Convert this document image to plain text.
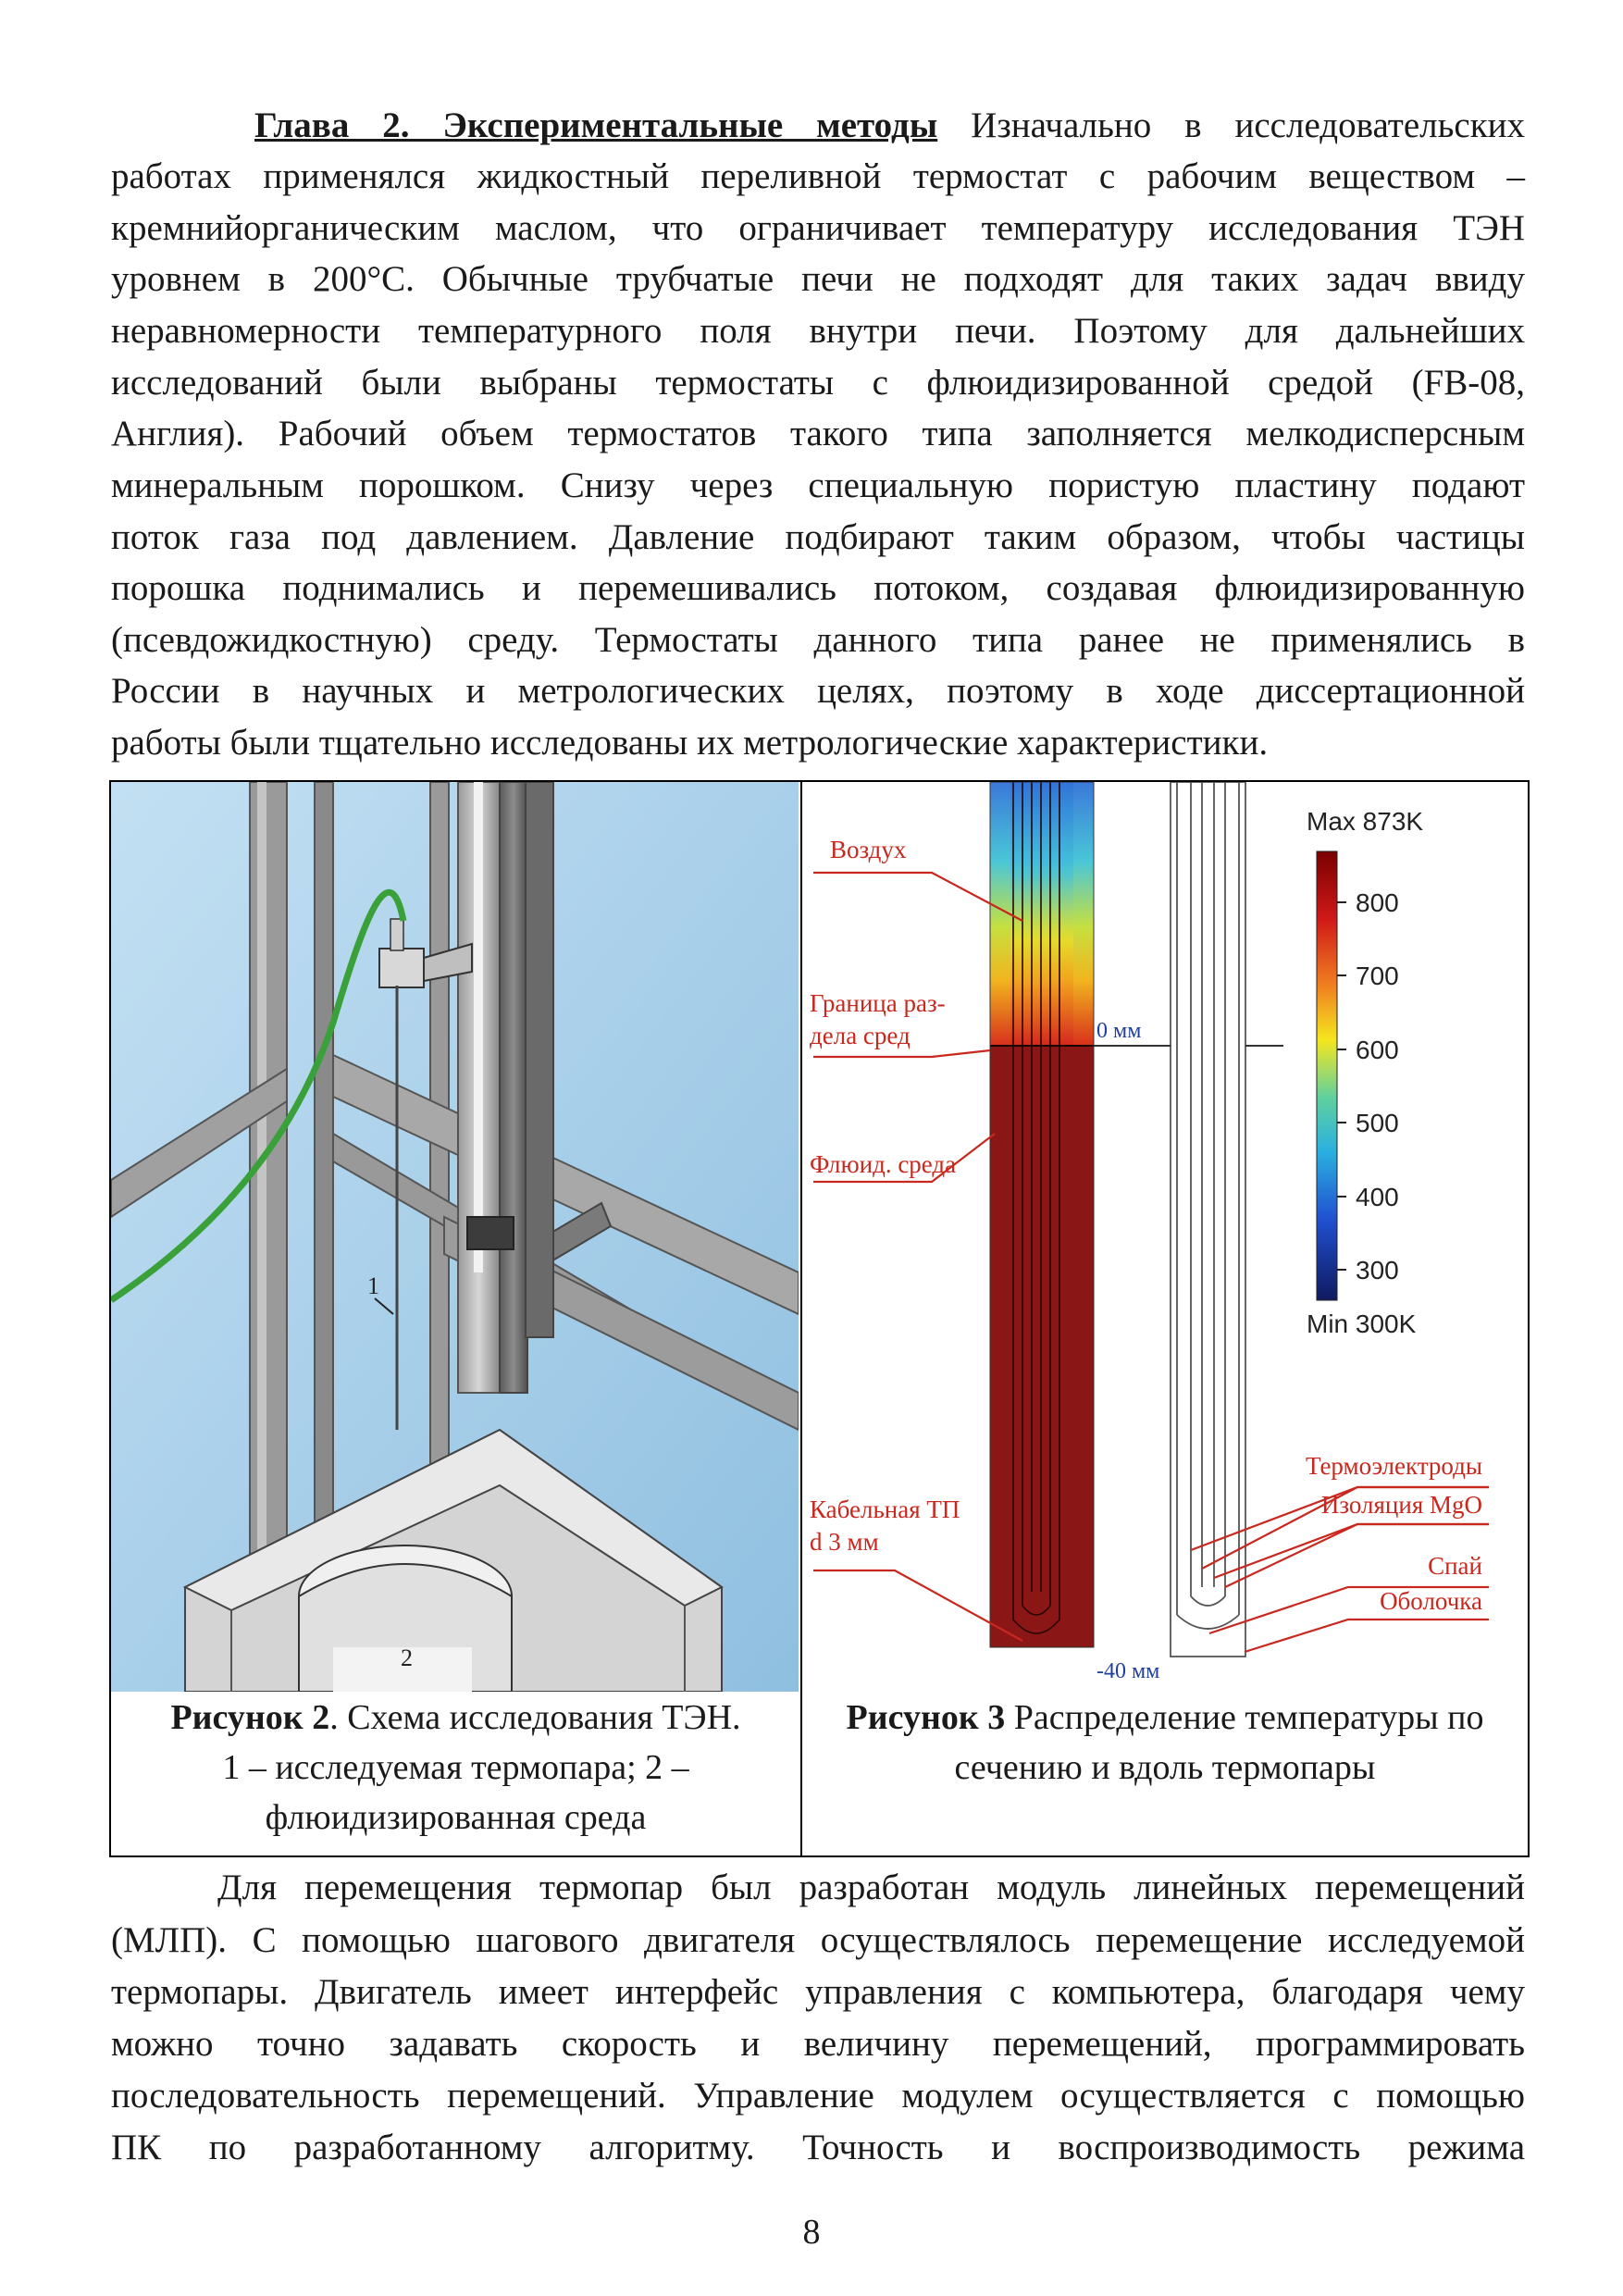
Глава 2. Экспериментальные методы Изначально в исследовательских

работах применялся жидкостный переливной термостат с рабочим веществом –

кремнийорганическим маслом, что ограничивает температуру исследования ТЭН

уровнем в 200°С. Обычные трубчатые печи не подходят для таких задач ввиду

неравномерности температурного поля внутри печи. Поэтому для дальнейших

исследований были выбраны термостаты с флюидизированной средой (FB-08,

Англия). Рабочий объем термостатов такого типа заполняется мелкодисперсным

минеральным порошком. Снизу через специальную пористую пластину подают

поток газа под давлением. Давление подбирают таким образом, чтобы частицы

порошка поднимались и перемешивались потоком, создавая флюидизированную

(псевдожидкостную) среду. Термостаты данного типа ранее не применялись в

России в научных и метрологических целях, поэтому в ходе диссертационной

работы были тщательно исследованы их метрологические характеристики.

1
2
Рисунок 2. Схема исследования ТЭН.
1 – исследуемая термопара; 2 –
флюидизированная среда
Воздух
Граница раз-
дела сред
Флюид. среда
Кабельная ТП
d 3 мм
Термоэлектроды
Изоляция MgO
Спай
Оболочка
0 мм
-40 мм
Max 873K
800
700
600
500
400
300
Min 300K
Рисунок 3 Распределение температуры по
сечению и вдоль термопары

Для перемещения термопар был разработан модуль линейных перемещений

(МЛП). С помощью шагового двигателя осуществлялось перемещение исследуемой

термопары. Двигатель имеет интерфейс управления с компьютера, благодаря чему

можно точно задавать скорость и величину перемещений, программировать

последовательность перемещений. Управление модулем осуществляется с помощью

ПК по разработанному алгоритму. Точность и воспроизводимость режима

8
